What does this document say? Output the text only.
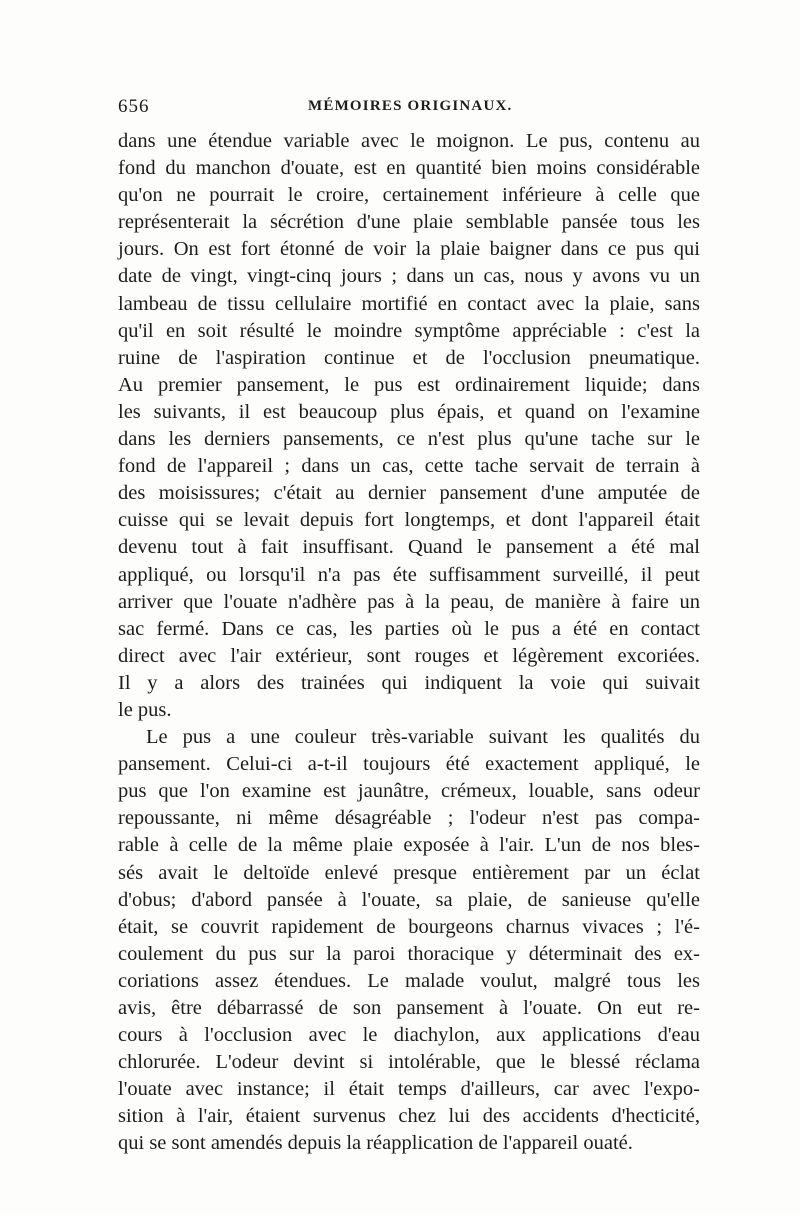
656	MÉMOIRES ORIGINAUX.

dans une étendue variable avec le moignon. Le pus, contenu au
fond du manchon d'ouate, est en quantité bien moins considérable
qu'on ne pourrait le croire, certainement inférieure à celle que
représenterait la sécrétion d'une plaie semblable pansée tous les
jours. On est fort étonné de voir la plaie baigner dans ce pus qui
date de vingt, vingt-cinq jours ; dans un cas, nous y avons vu un
lambeau de tissu cellulaire mortifié en contact avec la plaie, sans
qu'il en soit résulté le moindre symptôme appréciable : c'est la
ruine de l'aspiration continue et de l'occlusion pneumatique.
Au premier pansement, le pus est ordinairement liquide; dans
les suivants, il est beaucoup plus épais, et quand on l'examine
dans les derniers pansements, ce n'est plus qu'une tache sur le
fond de l'appareil ; dans un cas, cette tache servait de terrain à
des moisissures; c'était au dernier pansement d'une amputée de
cuisse qui se levait depuis fort longtemps, et dont l'appareil était
devenu tout à fait insuffisant. Quand le pansement a été mal
appliqué, ou lorsqu'il n'a pas éte suffisamment surveillé, il peut
arriver que l'ouate n'adhère pas à la peau, de manière à faire un
sac fermé. Dans ce cas, les parties où le pus a été en contact
direct avec l'air extérieur, sont rouges et légèrement excoriées.
Il y a alors des trainées qui indiquent la voie qui suivait
le pus.

Le pus a une couleur très-variable suivant les qualités du
pansement. Celui-ci a-t-il toujours été exactement appliqué, le
pus que l'on examine est jaunâtre, crémeux, louable, sans odeur
repoussante, ni même désagréable ; l'odeur n'est pas compa-
rable à celle de la même plaie exposée à l'air. L'un de nos bles-
sés avait le deltoïde enlevé presque entièrement par un éclat
d'obus; d'abord pansée à l'ouate, sa plaie, de sanieuse qu'elle
était, se couvrit rapidement de bourgeons charnus vivaces ; l'é-
coulement du pus sur la paroi thoracique y déterminait des ex-
coriations assez étendues. Le malade voulut, malgré tous les
avis, être débarrassé de son pansement à l'ouate. On eut re-
cours à l'occlusion avec le diachylon, aux applications d'eau
chlorurée. L'odeur devint si intolérable, que le blessé réclama
l'ouate avec instance; il était temps d'ailleurs, car avec l'expo-
sition à l'air, étaient survenus chez lui des accidents d'hecticité,
qui se sont amendés depuis la réapplication de l'appareil ouaté.
